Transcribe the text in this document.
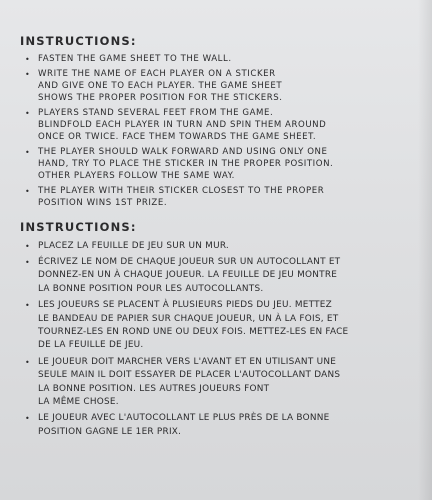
INSTRUCTIONS:
• FASTEN THE GAME SHEET TO THE WALL.
• WRITE THE NAME OF EACH PLAYER ON A STICKER
AND GIVE ONE TO EACH PLAYER. THE GAME SHEET
SHOWS THE PROPER POSITION FOR THE STICKERS.
• PLAYERS STAND SEVERAL FEET FROM THE GAME.
BLINDFOLD EACH PLAYER IN TURN AND SPIN THEM AROUND
ONCE OR TWICE. FACE THEM TOWARDS THE GAME SHEET.
• THE PLAYER SHOULD WALK FORWARD AND USING ONLY ONE
HAND, TRY TO PLACE THE STICKER IN THE PROPER POSITION.
OTHER PLAYERS FOLLOW THE SAME WAY.
• THE PLAYER WITH THEIR STICKER CLOSEST TO THE PROPER
POSITION WINS 1ST PRIZE.
INSTRUCTIONS:
• PLACEZ LA FEUILLE DE JEU SUR UN MUR.
• ÉCRIVEZ LE NOM DE CHAQUE JOUEUR SUR UN AUTOCOLLANT ET
DONNEZ-EN UN À CHAQUE JOUEUR. LA FEUILLE DE JEU MONTRE
LA BONNE POSITION POUR LES AUTOCOLLANTS.
• LES JOUEURS SE PLACENT À PLUSIEURS PIEDS DU JEU. METTEZ
LE BANDEAU DE PAPIER SUR CHAQUE JOUEUR, UN À LA FOIS, ET
TOURNEZ-LES EN ROND UNE OU DEUX FOIS. METTEZ-LES EN FACE
DE LA FEUILLE DE JEU.
• LE JOUEUR DOIT MARCHER VERS L'AVANT ET EN UTILISANT UNE
SEULE MAIN IL DOIT ESSAYER DE PLACER L'AUTOCOLLANT DANS
LA BONNE POSITION. LES AUTRES JOUEURS FONT
LA MÊME CHOSE.
• LE JOUEUR AVEC L'AUTOCOLLANT LE PLUS PRÈS DE LA BONNE
POSITION GAGNE LE 1ER PRIX.
